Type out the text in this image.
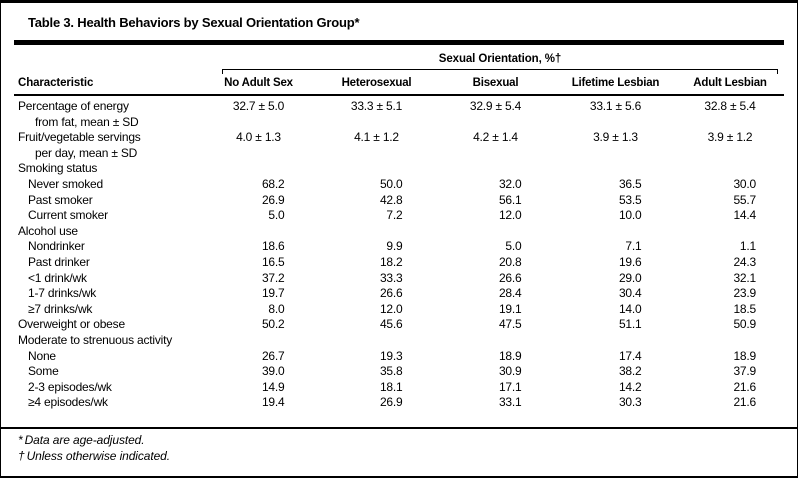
Table 3. Health Behaviors by Sexual Orientation Group*
Sexual Orientation, %†
Characteristic	No Adult Sex	Heterosexual	Bisexual	Lifetime Lesbian	Adult Lesbian
Percentage of energy	32.7 ± 5.0	33.3 ± 5.1	32.9 ± 5.4	33.1 ± 5.6	32.8 ± 5.4
from fat, mean ± SD
Fruit/vegetable servings	4.0 ± 1.3	4.1 ± 1.2	4.2 ± 1.4	3.9 ± 1.3	3.9 ± 1.2
per day, mean ± SD
Smoking status
Never smoked	68.2	50.0	32.0	36.5	30.0
Past smoker	26.9	42.8	56.1	53.5	55.7
Current smoker	5.0	7.2	12.0	10.0	14.4
Alcohol use
Nondrinker	18.6	9.9	5.0	7.1	1.1
Past drinker	16.5	18.2	20.8	19.6	24.3
<1 drink/wk	37.2	33.3	26.6	29.0	32.1
1-7 drinks/wk	19.7	26.6	28.4	30.4	23.9
≥7 drinks/wk	8.0	12.0	19.1	14.0	18.5
Overweight or obese	50.2	45.6	47.5	51.1	50.9
Moderate to strenuous activity
None	26.7	19.3	18.9	17.4	18.9
Some	39.0	35.8	30.9	38.2	37.9
2-3 episodes/wk	14.9	18.1	17.1	14.2	21.6
≥4 episodes/wk	19.4	26.9	33.1	30.3	21.6
* Data are age-adjusted.
† Unless otherwise indicated.
